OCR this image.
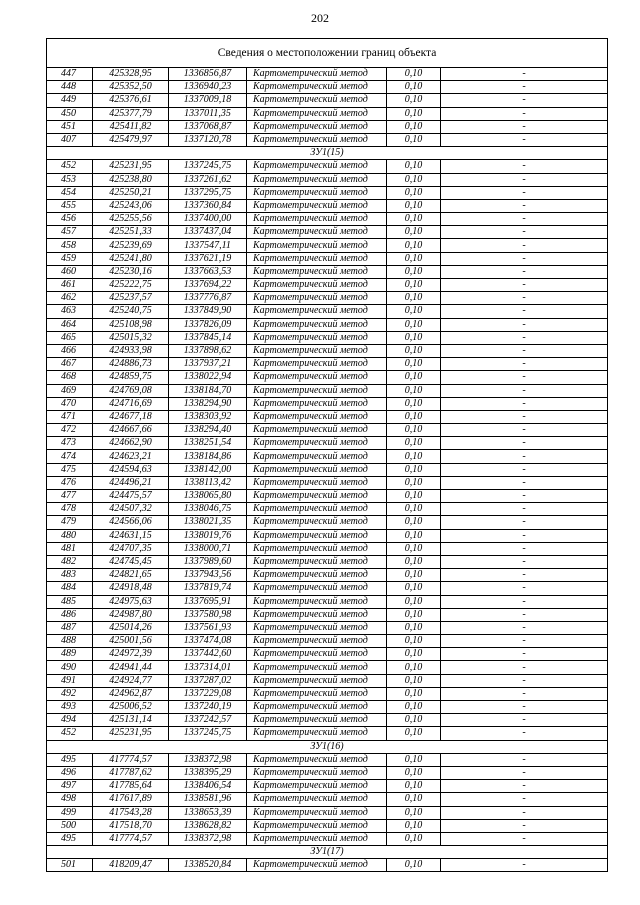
202
Сведения о местоположении границ объекта					
447	425328,95	1336856,87	Картометрический метод	0,10	-
448	425352,50	1336940,23	Картометрический метод	0,10	-
449	425376,61	1337009,18	Картометрический метод	0,10	-
450	425377,79	1337011,35	Картометрический метод	0,10	-
451	425411,82	1337068,87	Картометрический метод	0,10	-
407	425479,97	1337120,78	Картометрический метод	0,10	-
ЗУ1(15)					
452	425231,95	1337245,75	Картометрический метод	0,10	-
453	425238,80	1337261,62	Картометрический метод	0,10	-
454	425250,21	1337295,75	Картометрический метод	0,10	-
455	425243,06	1337360,84	Картометрический метод	0,10	-
456	425255,56	1337400,00	Картометрический метод	0,10	-
457	425251,33	1337437,04	Картометрический метод	0,10	-
458	425239,69	1337547,11	Картометрический метод	0,10	-
459	425241,80	1337621,19	Картометрический метод	0,10	-
460	425230,16	1337663,53	Картометрический метод	0,10	-
461	425222,75	1337694,22	Картометрический метод	0,10	-
462	425237,57	1337776,87	Картометрический метод	0,10	-
463	425240,75	1337849,90	Картометрический метод	0,10	-
464	425108,98	1337826,09	Картометрический метод	0,10	-
465	425015,32	1337845,14	Картометрический метод	0,10	-
466	424933,98	1337898,62	Картометрический метод	0,10	-
467	424886,73	1337937,21	Картометрический метод	0,10	-
468	424859,75	1338022,94	Картометрический метод	0,10	-
469	424769,08	1338184,70	Картометрический метод	0,10	-
470	424716,69	1338294,90	Картометрический метод	0,10	-
471	424677,18	1338303,92	Картометрический метод	0,10	-
472	424667,66	1338294,40	Картометрический метод	0,10	-
473	424662,90	1338251,54	Картометрический метод	0,10	-
474	424623,21	1338184,86	Картометрический метод	0,10	-
475	424594,63	1338142,00	Картометрический метод	0,10	-
476	424496,21	1338113,42	Картометрический метод	0,10	-
477	424475,57	1338065,80	Картометрический метод	0,10	-
478	424507,32	1338046,75	Картометрический метод	0,10	-
479	424566,06	1338021,35	Картометрический метод	0,10	-
480	424631,15	1338019,76	Картометрический метод	0,10	-
481	424707,35	1338000,71	Картометрический метод	0,10	-
482	424745,45	1337989,60	Картометрический метод	0,10	-
483	424821,65	1337943,56	Картометрический метод	0,10	-
484	424918,48	1337819,74	Картометрический метод	0,10	-
485	424975,63	1337695,91	Картометрический метод	0,10	-
486	424987,80	1337580,98	Картометрический метод	0,10	-
487	425014,26	1337561,93	Картометрический метод	0,10	-
488	425001,56	1337474,08	Картометрический метод	0,10	-
489	424972,39	1337442,60	Картометрический метод	0,10	-
490	424941,44	1337314,01	Картометрический метод	0,10	-
491	424924,77	1337287,02	Картометрический метод	0,10	-
492	424962,87	1337229,08	Картометрический метод	0,10	-
493	425006,52	1337240,19	Картометрический метод	0,10	-
494	425131,14	1337242,57	Картометрический метод	0,10	-
452	425231,95	1337245,75	Картометрический метод	0,10	-
ЗУ1(16)					
495	417774,57	1338372,98	Картометрический метод	0,10	-
496	417787,62	1338395,29	Картометрический метод	0,10	-
497	417785,64	1338406,54	Картометрический метод	0,10	-
498	417617,89	1338581,96	Картометрический метод	0,10	-
499	417543,28	1338653,39	Картометрический метод	0,10	-
500	417518,70	1338628,82	Картометрический метод	0,10	-
495	417774,57	1338372,98	Картометрический метод	0,10	-
ЗУ1(17)					
501	418209,47	1338520,84	Картометрический метод	0,10	-
